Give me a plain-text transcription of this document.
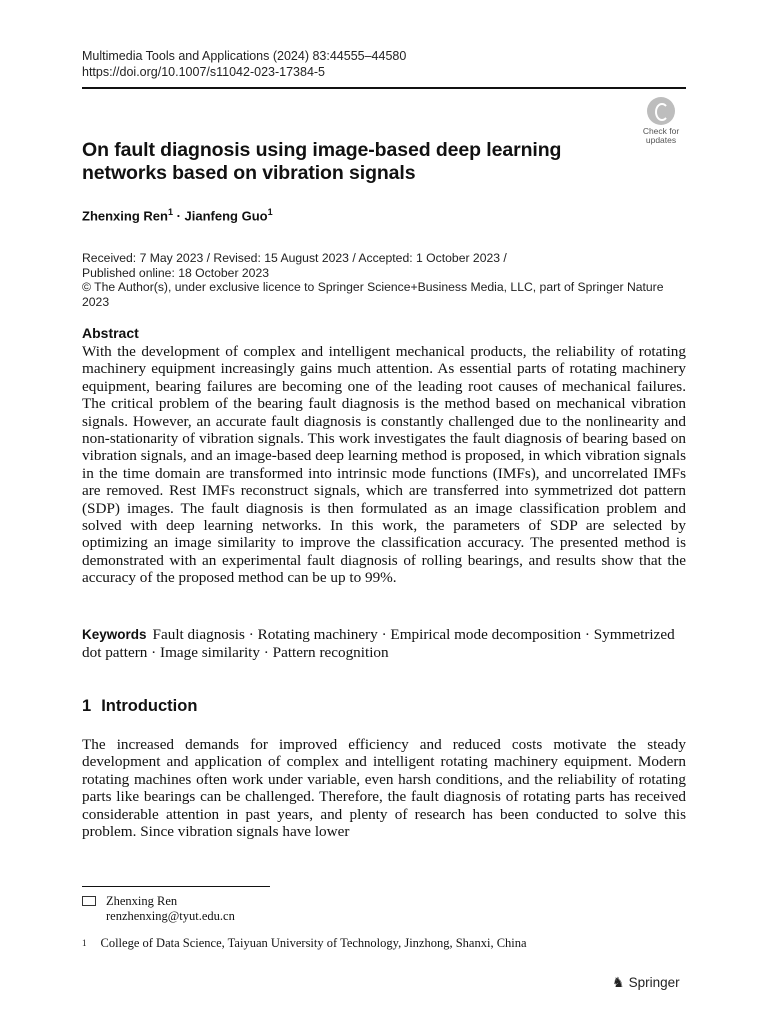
Multimedia Tools and Applications (2024) 83:44555–44580
https://doi.org/10.1007/s11042-023-17384-5
Check for updates
On fault diagnosis using image-based deep learning networks based on vibration signals
Zhenxing Ren$^1$ · Jianfeng Guo$^1$
Received: 7 May 2023 / Revised: 15 August 2023 / Accepted: 1 October 2023 /
Published online: 18 October 2023
© The Author(s), under exclusive licence to Springer Science+Business Media, LLC, part of Springer Nature 2023
Abstract

With the development of complex and intelligent mechanical products, the reliability of rotating machinery equipment increasingly gains much attention. As essential parts of rotating machinery equipment, bearing failures are becoming one of the leading root causes of mechanical failures. The critical problem of the bearing fault diagnosis is the method based on mechanical vibration signals. However, an accurate fault diagnosis is constantly challenged due to the nonlinearity and non-stationarity of vibration signals. This work investigates the fault diagnosis of bearing based on vibration signals, and an image-based deep learning method is proposed, in which vibration signals in the time domain are transformed into intrinsic mode functions (IMFs), and uncorrelated IMFs are removed. Rest IMFs reconstruct signals, which are transferred into symmetrized dot pattern (SDP) images. The fault diagnosis is then formulated as an image classification problem and solved with deep learning networks. In this work, the parameters of SDP are selected by optimizing an image similarity to improve the classification accuracy. The presented method is demonstrated with an experimental fault diagnosis of rolling bearings, and results show that the accuracy of the proposed method can be up to 99%.

Keywords Fault diagnosis · Rotating machinery · Empirical mode decomposition · Symmetrized dot pattern · Image similarity · Pattern recognition
1 Introduction

The increased demands for improved efficiency and reduced costs motivate the steady development and application of complex and intelligent rotating machinery equipment. Modern rotating machines often work under variable, even harsh conditions, and the reliability of rotating parts like bearings can be challenged. Therefore, the fault diagnosis of rotating parts has received considerable attention in past years, and plenty of research has been conducted to solve this problem. Since vibration signals have lower

Zhenxing Ren
renzhenxing@tyut.edu.cn
$^1$ College of Data Science, Taiyuan University of Technology, Jinzhong, Shanxi, China
♞ Springer
